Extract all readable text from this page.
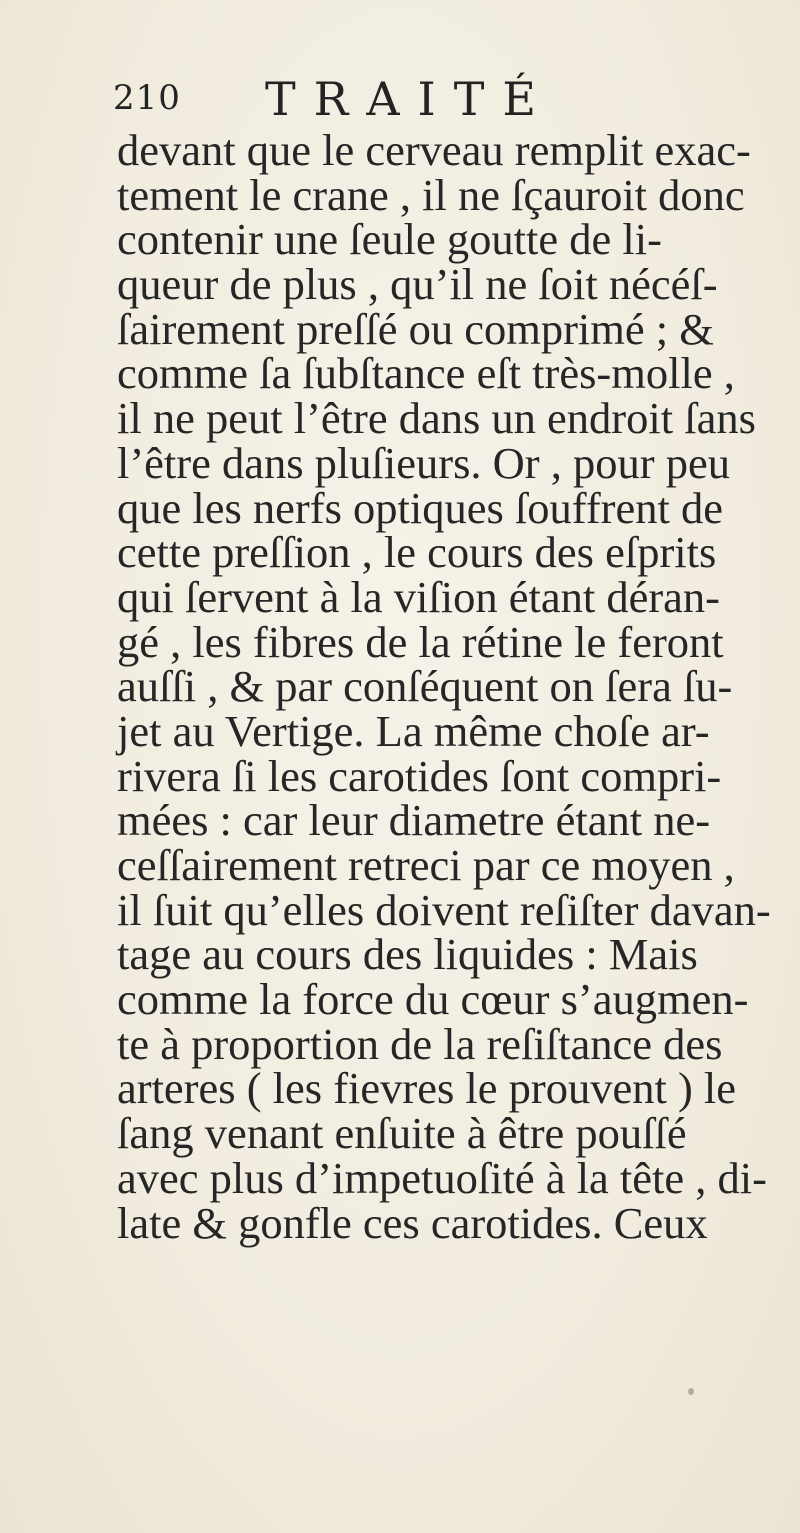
210 TRAITÉ
devant que le cerveau remplit exac-
tement le crane , il ne ſçauroit donc
contenir une ſeule goutte de li-
queur de plus , qu’il ne ſoit nécéſ-
ſairement preſſé ou comprimé ; &
comme ſa ſubſtance eſt très-molle ,
il ne peut l’être dans un endroit ſans
l’être dans pluſieurs. Or , pour peu
que les nerfs optiques ſouffrent de
cette preſſion , le cours des eſprits
qui ſervent à la viſion étant déran-
gé , les fibres de la rétine le feront
auſſi , & par conſéquent on ſera ſu-
jet au Vertige. La même choſe ar-
rivera ſi les carotides ſont compri-
mées : car leur diametre étant ne-
ceſſairement retreci par ce moyen ,
il ſuit qu’elles doivent reſiſter davan-
tage au cours des liquides : Mais
comme la force du cœur s’augmen-
te à proportion de la reſiſtance des
arteres ( les fievres le prouvent ) le
ſang venant enſuite à être pouſſé
avec plus d’impetuoſité à la tête , di-
late & gonfle ces carotides. Ceux
